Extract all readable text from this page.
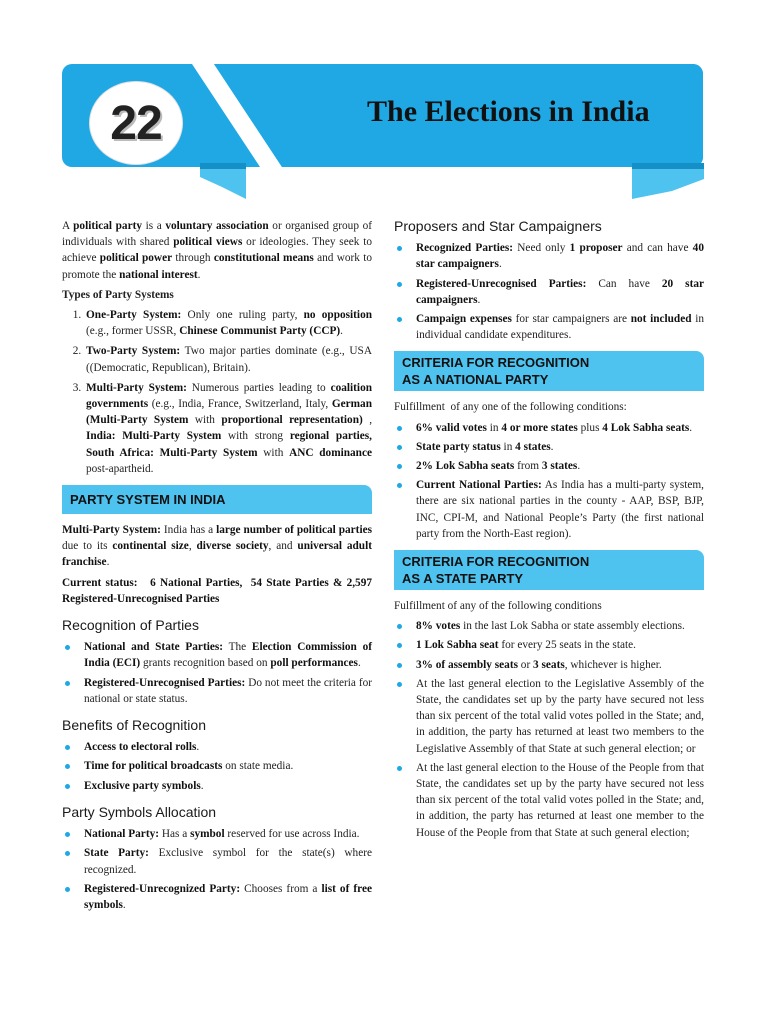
22	The Elections in India

A political party is a voluntary association or organised group of individuals with shared political views or ideologies. They seek to achieve political power through constitutional means and work to promote the national interest.

Types of Party Systems
1. One-Party System: Only one ruling party, no opposition (e.g., former USSR, Chinese Communist Party (CCP).
2. Two-Party System: Two major parties dominate (e.g., USA ((Democratic, Republican), Britain).
3. Multi-Party System: Numerous parties leading to coalition governments (e.g., India, France, Switzerland, Italy, German (Multi-Party System with proportional representation) , India: Multi-Party System with strong regional parties, South Africa: Multi-Party System with ANC dominance post-apartheid.
PARTY SYSTEM IN INDIA

Multi-Party System: India has a large number of political parties due to its continental size, diverse society, and universal adult franchise.

Current status:   6 National Parties,  54 State Parties & 2,597 Registered-Unrecognised Parties

Recognition of Parties
National and State Parties: The Election Commission of India (ECI) grants recognition based on poll performances.
Registered-Unrecognised Parties: Do not meet the criteria for national or state status.
Benefits of Recognition
Access to electoral rolls.
Time for political broadcasts on state media.
Exclusive party symbols.
Party Symbols Allocation
National Party: Has a symbol reserved for use across India.
State Party: Exclusive symbol for the state(s) where recognized.
Registered-Unrecognized Party: Chooses from a list of free symbols.
Proposers and Star Campaigners
Recognized Parties: Need only 1 proposer and can have 40 star campaigners.
Registered-Unrecognised Parties: Can have 20 star campaigners.
Campaign expenses for star campaigners are not included in individual candidate expenditures.
CRITERIA FOR RECOGNITION
AS A NATIONAL PARTY

Fulfillment  of any one of the following conditions:

6% valid votes in 4 or more states plus 4 Lok Sabha seats.
State party status in 4 states.
2% Lok Sabha seats from 3 states.
Current National Parties: As India has a multi-party system, there are six national parties in the county - AAP, BSP, BJP, INC, CPI-M, and National People’s Party (the first national party from the North-East region).
CRITERIA FOR RECOGNITION
AS A STATE PARTY

Fulfillment of any of the following conditions

8% votes in the last Lok Sabha or state assembly elections.
1 Lok Sabha seat for every 25 seats in the state.
3% of assembly seats or 3 seats, whichever is higher.
At the last general election to the Legislative Assembly of the State, the candidates set up by the party have secured not less than six percent of the total valid votes polled in the State; and, in addition, the party has returned at least two members to the Legislative Assembly of that State at such general election; or
At the last general election to the House of the People from that State, the candidates set up by the party have secured not less than six percent of the total valid votes polled in the State; and, in addition, the party has returned at least one member to the House of the People from that State at such general election;
